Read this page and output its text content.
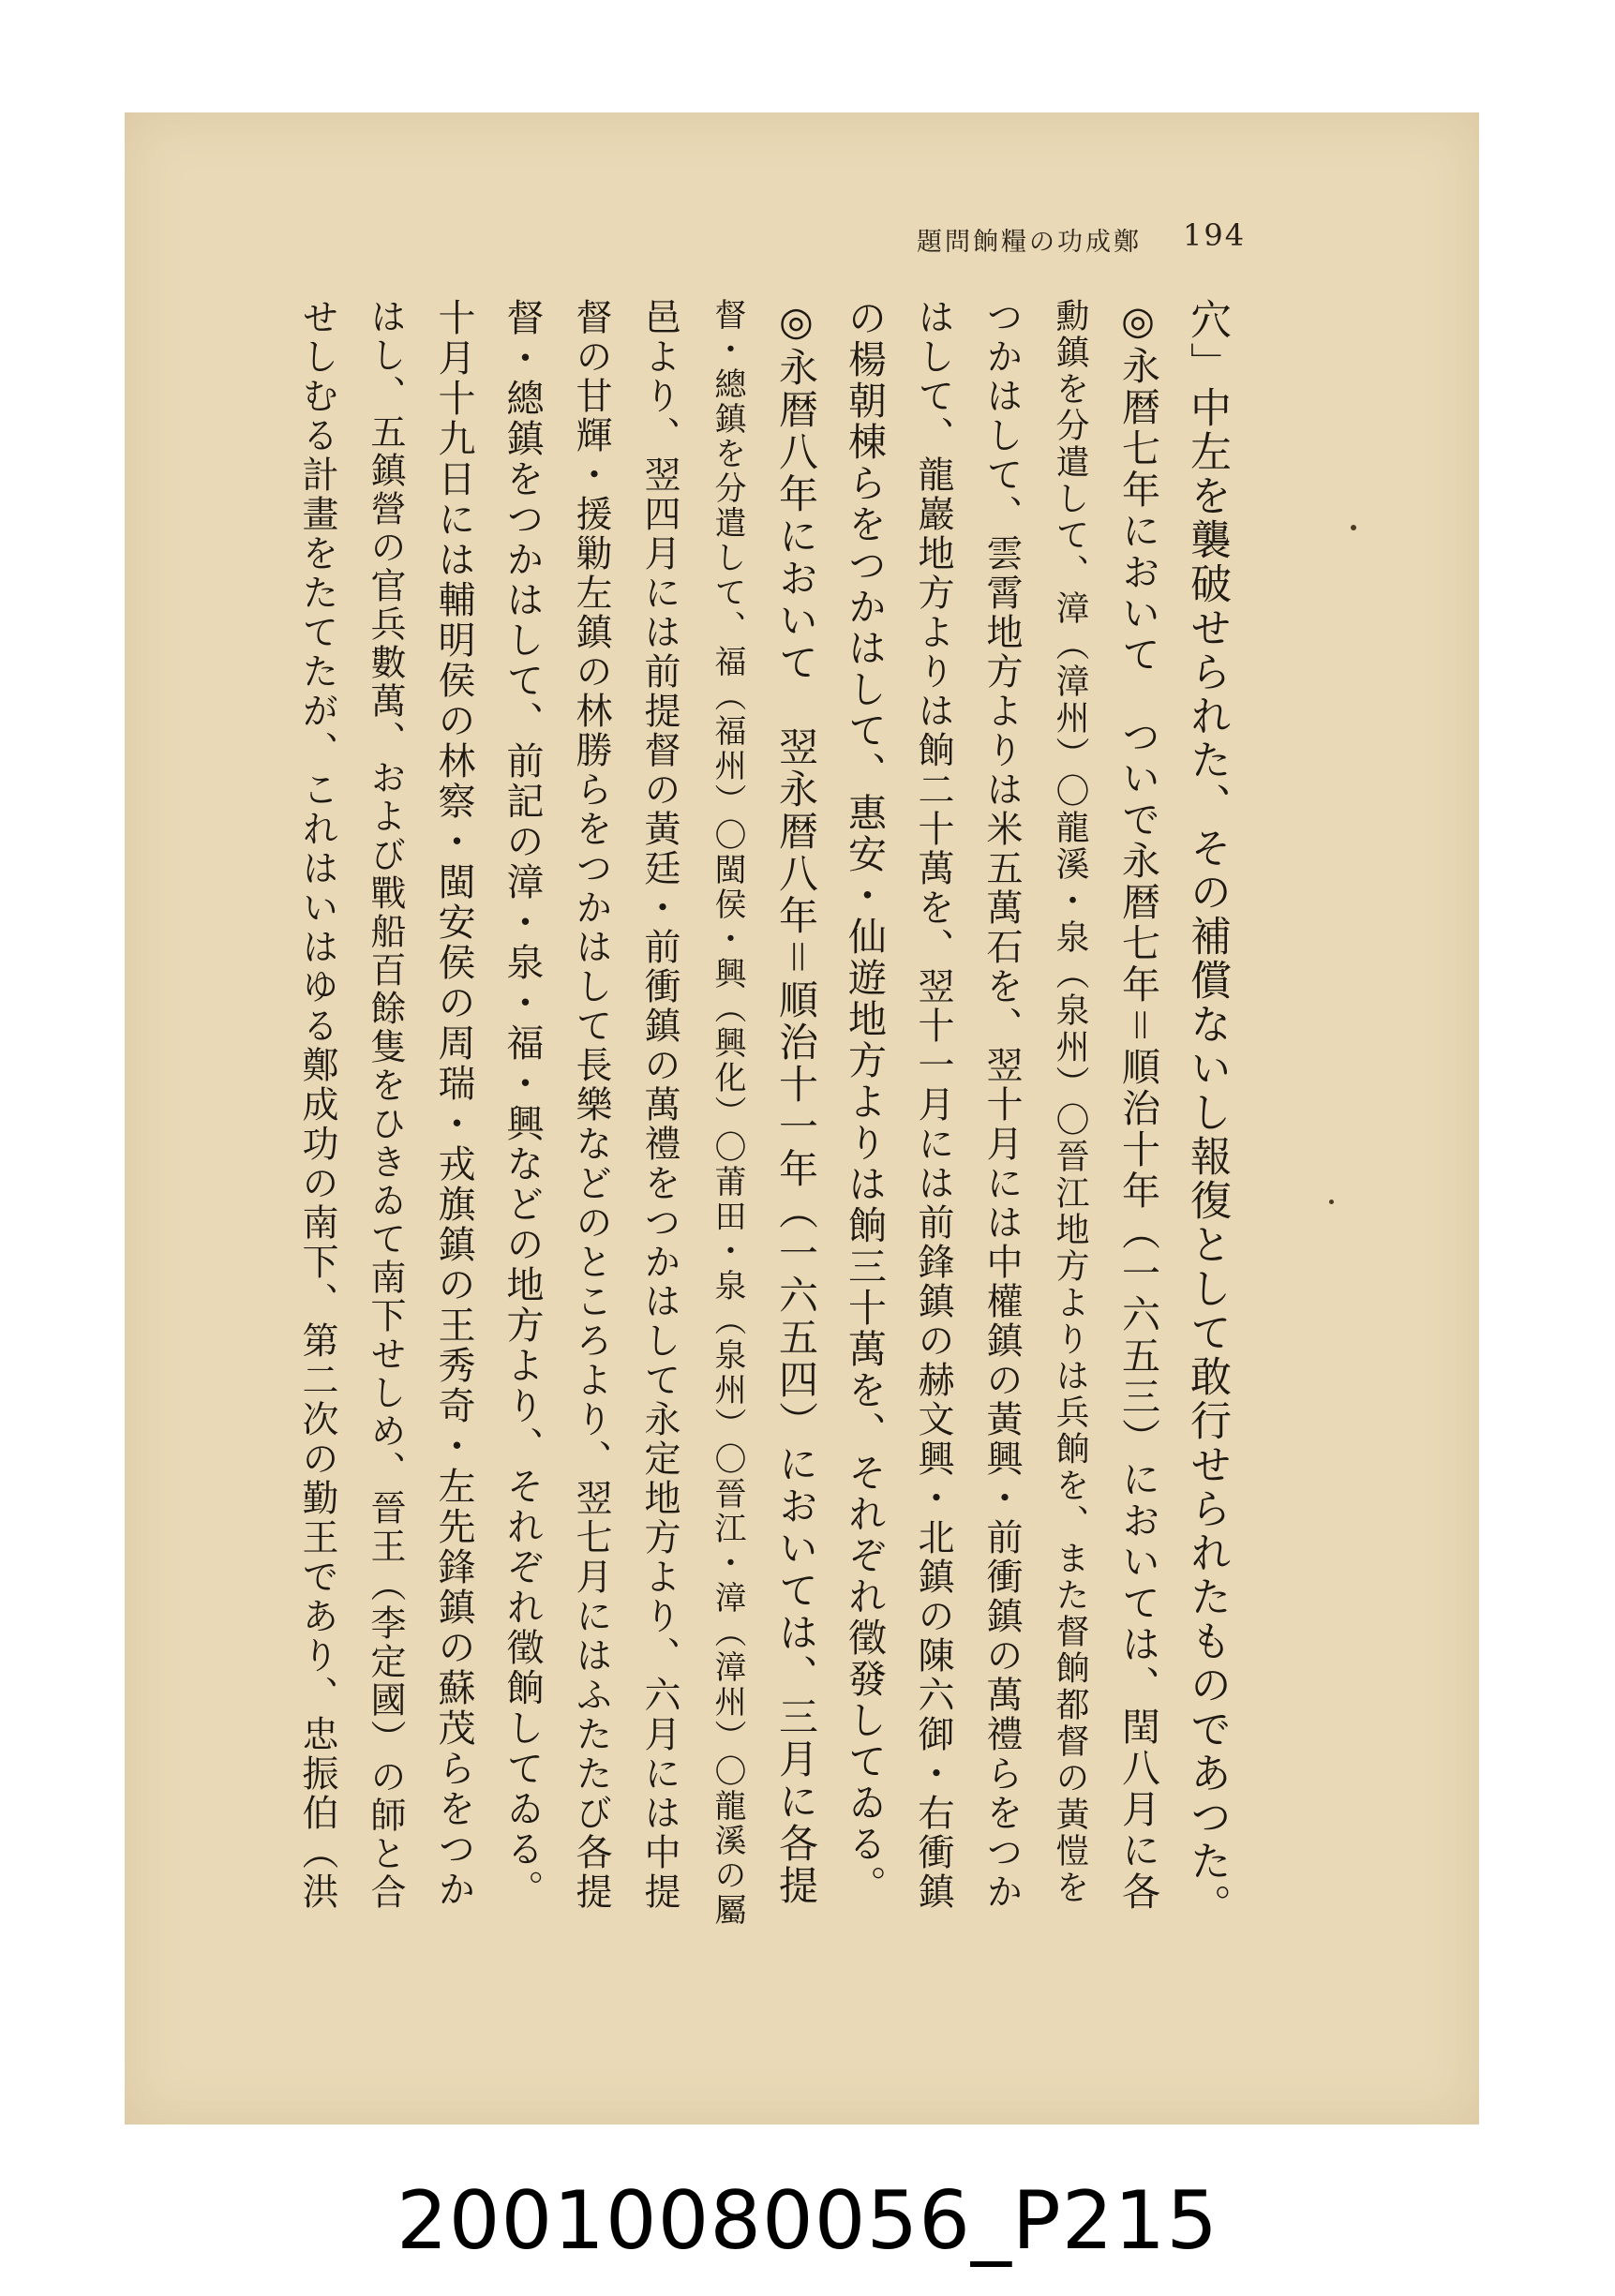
194
鄭成功の糧餉問題
穴」中左を襲破せられた、その補償ないし報復として敢行せられたものであつた。
◎永暦七年において　ついで永暦七年＝順治十年（一六五三）においては、閏八月に各
勳鎮を分遣して、漳（漳州）〇龍溪・泉（泉州）〇晉江地方よりは兵餉を、また督餉都督の黃愷を
つかはして、雲霄地方よりは米五萬石を、翌十月には中權鎮の黃興・前衝鎮の萬禮らをつか
はして、龍巖地方よりは餉二十萬を、翌十一月には前鋒鎮の赫文興・北鎮の陳六御・右衝鎮
の楊朝棟らをつかはして、惠安・仙遊地方よりは餉三十萬を、それぞれ徵發してゐる。
◎永暦八年において　翌永暦八年＝順治十一年（一六五四）においては、三月に各提
督・總鎮を分遣して、福（福州）〇閩侯・興（興化）〇莆田・泉（泉州）〇晉江・漳（漳州）〇龍溪の屬
邑より、翌四月には前提督の黃廷・前衝鎮の萬禮をつかはして永定地方より、六月には中提
督の甘輝・援勦左鎮の林勝らをつかはして長樂などのところより、翌七月にはふたたび各提
督・總鎮をつかはして、前記の漳・泉・福・興などの地方より、それぞれ徵餉してゐる。
十月十九日には輔明侯の林察・閩安侯の周瑞・戎旗鎮の王秀奇・左先鋒鎮の蘇茂らをつか
はし、五鎮營の官兵數萬、および戰船百餘隻をひきゐて南下せしめ、晉王（李定國）の師と合
せしむる計畫をたてたが、これはいはゆる鄭成功の南下、第二次の勤王であり、忠振伯（洪
20010080056_P215
